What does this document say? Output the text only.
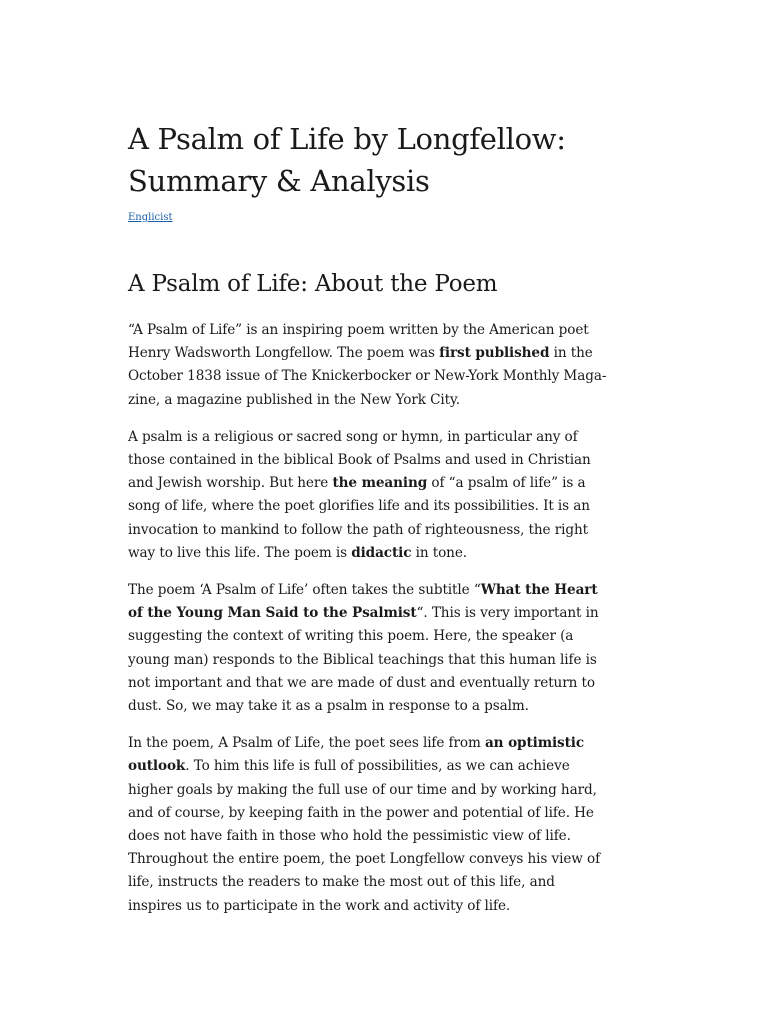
A Psalm of Life by Longfellow:
Summary & Analysis
Englicist
A Psalm of Life: About the Poem

“A Psalm of Life” is an inspiring poem written by the American poet
Henry Wadsworth Longfellow. The poem was first published in the
October 1838 issue of The Knickerbocker or New-York Monthly Maga-
zine, a magazine published in the New York City.

A psalm is a religious or sacred song or hymn, in particular any of
those contained in the biblical Book of Psalms and used in Christian
and Jewish worship. But here the meaning of “a psalm of life” is a
song of life, where the poet glorifies life and its possibilities. It is an
invocation to mankind to follow the path of righteousness, the right
way to live this life. The poem is didactic in tone.

The poem ‘A Psalm of Life’ often takes the subtitle “What the Heart
of the Young Man Said to the Psalmist“. This is very important in
suggesting the context of writing this poem. Here, the speaker (a
young man) responds to the Biblical teachings that this human life is
not important and that we are made of dust and eventually return to
dust. So, we may take it as a psalm in response to a psalm.

In the poem, A Psalm of Life, the poet sees life from an optimistic
outlook. To him this life is full of possibilities, as we can achieve
higher goals by making the full use of our time and by working hard,
and of course, by keeping faith in the power and potential of life. He
does not have faith in those who hold the pessimistic view of life.
Throughout the entire poem, the poet Longfellow conveys his view of
life, instructs the readers to make the most out of this life, and
inspires us to participate in the work and activity of life.
